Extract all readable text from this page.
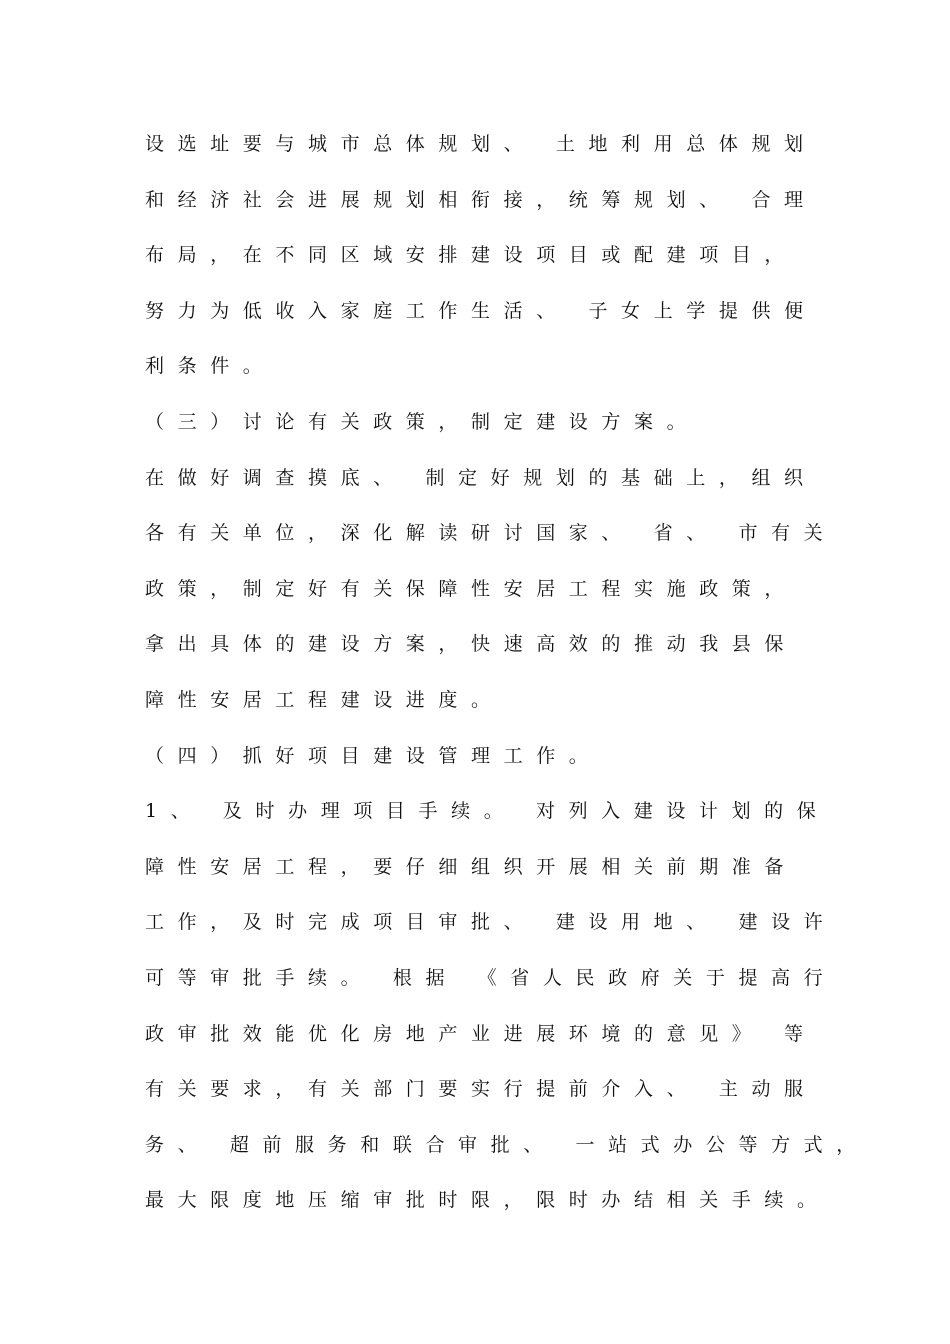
设选址要与城市总体规划、 土地利用总体规划
和经济社会进展规划相衔接，统筹规划、 合理
布局，在不同区域安排建设项目或配建项目，
努力为低收入家庭工作生活、 子女上学提供便
利条件。
（三）讨论有关政策，制定建设方案。
在做好调查摸底、 制定好规划的基础上，组织
各有关单位，深化解读研讨国家、 省、 市有关
政策，制定好有关保障性安居工程实施政策，
拿出具体的建设方案，快速高效的推动我县保
障性安居工程建设进度。
（四）抓好项目建设管理工作。
1、 及时办理项目手续。 对列入建设计划的保
障性安居工程，要仔细组织开展相关前期准备
工作，及时完成项目审批、 建设用地、 建设许
可等审批手续。 根据 《省人民政府关于提高行
政审批效能优化房地产业进展环境的意见》 等
有关要求，有关部门要实行提前介入、 主动服
务、 超前服务和联合审批、 一站式办公等方式，
最大限度地压缩审批时限，限时办结相关手续。
